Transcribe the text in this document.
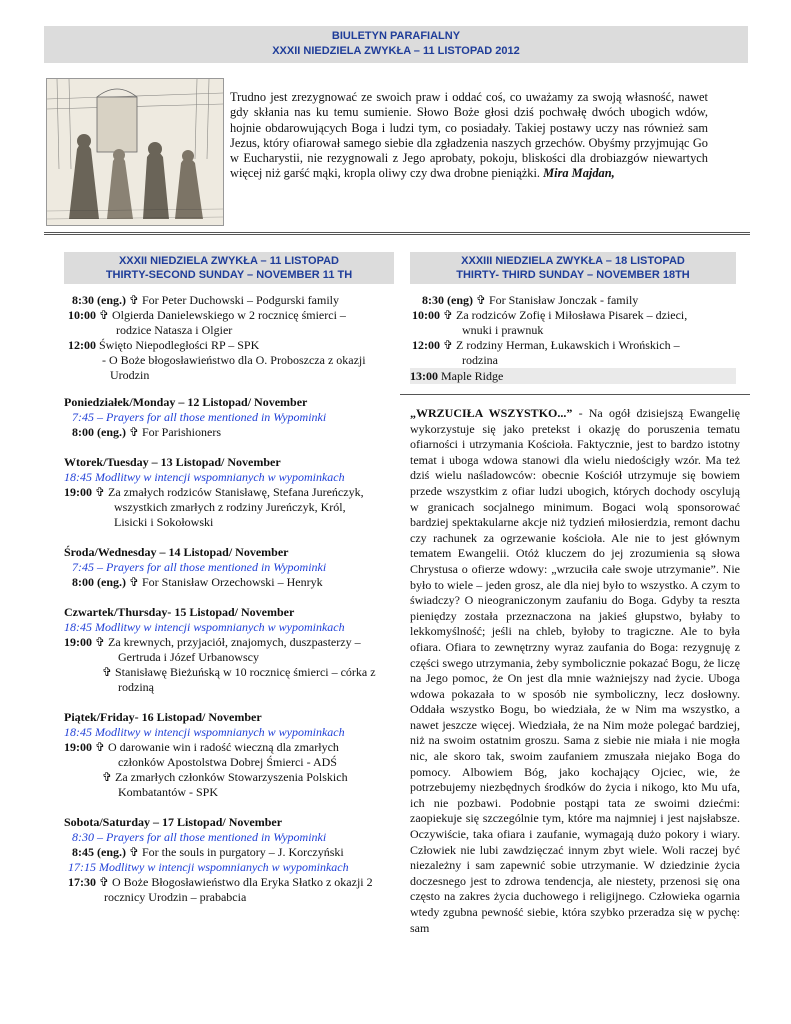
BIULETYN PARAFIALNY
XXXII NIEDZIELA ZWYKŁA – 11 LISTOPAD 2012
Trudno jest zrezygnować ze swoich praw i oddać coś, co uważamy za swoją własność, nawet gdy skłania nas ku temu sumienie. Słowo Boże głosi dziś pochwałę dwóch ubogich wdów, hojnie obdarowujących Boga i ludzi tym, co posiadały. Takiej postawy uczy nas również sam Jezus, który ofiarował samego siebie dla zgładzenia naszych grzechów. Obyśmy przyjmując Go w Eucharystii, nie rezygnowali z Jego aprobaty, pokoju, bliskości dla drobiazgów niewartych więcej niż garść mąki, kropla oliwy czy dwa drobne pieniążki. Mira Majdan,
XXXII NIEDZIELA ZWYKŁA – 11 LISTOPAD
THIRTY-SECOND SUNDAY – NOVEMBER 11 TH
XXXIII NIEDZIELA ZWYKŁA – 18 LISTOPAD
THIRTY- THIRD SUNDAY – NOVEMBER 18TH

8:30 (eng.) ✞ For Peter Duchowski – Podgurski family

10:00 ✞ Olgierda Danielewskiego w 2 rocznicę śmierci –

rodzice Natasza i Olgier

12:00 Święto Niepodległości RP – SPK

- O Boże błogosławieństwo dla O. Proboszcza z okazji

Urodzin

Poniedziałek/Monday – 12 Listopad/ November

7:45 – Prayers for all those mentioned in Wypominki

8:00 (eng.) ✞ For Parishioners

Wtorek/Tuesday – 13 Listopad/ November

18:45 Modlitwy w intencji wspomnianych w wypominkach

19:00 ✞ Za zmałych rodziców Stanisławę, Stefana Jureńczyk,

wszystkich zmarłych z rodziny Jureńczyk, Król,

Lisicki i Sokołowski

Środa/Wednesday – 14 Listopad/ November

7:45 – Prayers for all those mentioned in Wypominki

8:00 (eng.) ✞ For Stanisław Orzechowski – Henryk

Czwartek/Thursday- 15 Listopad/ November

18:45 Modlitwy w intencji wspomnianych w wypominkach

19:00 ✞ Za krewnych, przyjaciół, znajomych, duszpasterzy –

Gertruda i Józef Urbanowscy

✞ Stanisławę Bieżuńską w 10 rocznicę śmierci – córka z

rodziną

Piątek/Friday- 16 Listopad/ November

18:45 Modlitwy w intencji wspomnianych w wypominkach

19:00 ✞ O darowanie win i radość wieczną dla zmarłych

członków Apostolstwa Dobrej Śmierci - ADŚ

✞ Za zmarłych członków Stowarzyszenia Polskich

Kombatantów - SPK

Sobota/Saturday – 17 Listopad/ November

8:30 – Prayers for all those mentioned in Wypominki

8:45 (eng.) ✞ For the souls in purgatory – J. Korczyński

17:15 Modlitwy w intencji wspomnianych w wypominkach

17:30 ✞ O Boże Błogosławieństwo dla Eryka Słatko z okazji 2

rocznicy Urodzin – prababcia

8:30 (eng) ✞ For Stanisław Jonczak - family

10:00 ✞ Za rodziców Zofię i Miłosława Pisarek – dzieci,

wnuki i prawnuk

12:00 ✞ Z rodziny Herman, Łukawskich i Wrońskich –

rodzina

13:00 Maple Ridge
„WRZUCIŁA WSZYSTKO...” - Na ogół dzisiejszą Ewangelię wykorzystuje się jako pretekst i okazję do poruszenia tematu ofiarności i utrzymania Kościoła. Faktycznie, jest to bardzo istotny temat i uboga wdowa stanowi dla wielu niedościgły wzór. Ma też dziś wielu naśladowców: obecnie Kościół utrzymuje się bowiem przede wszystkim z ofiar ludzi ubogich, których dochody oscylują w granicach socjalnego minimum. Bogaci wolą sponsorować bardziej spektakularne akcje niż tydzień miłosierdzia, remont dachu czy rachunek za ogrzewanie kościoła. Ale nie to jest głównym tematem Ewangelii. Otóż kluczem do jej zrozumienia są słowa Chrystusa o ofierze wdowy: „wrzuciła całe swoje utrzymanie”. Nie było to wiele – jeden grosz, ale dla niej było to wszystko. A czym to świadczy? O nieograniczonym zaufaniu do Boga. Gdyby ta reszta pieniędzy została przeznaczona na jakieś głupstwo, byłaby to lekkomyślność; jeśli na chleb, byłoby to tragiczne. Ale to była ofiara. Ofiara to zewnętrzny wyraz zaufania do Boga: rezygnuję z części swego utrzymania, żeby symbolicznie pokazać Bogu, że liczę na Jego pomoc, że On jest dla mnie ważniejszy nad życie. Uboga wdowa pokazała to w sposób nie symboliczny, lecz dosłowny. Oddała wszystko Bogu, bo wiedziała, że w Nim ma wszystko, a nawet jeszcze więcej. Wiedziała, że na Nim może polegać bardziej, niż na swoim ostatnim groszu. Sama z siebie nie miała i nie mogła nic, ale skoro tak, swoim zaufaniem zmuszała niejako Boga do pomocy. Albowiem Bóg, jako kochający Ojciec, wie, że potrzebujemy niezbędnych środków do życia i nikogo, kto Mu ufa, ich nie pozbawi. Podobnie postąpi tata ze swoimi dziećmi: zaopiekuje się szczególnie tym, które ma najmniej i jest najsłabsze. Oczywiście, taka ofiara i zaufanie, wymagają dużo pokory i wiary. Człowiek nie lubi zawdzięczać innym zbyt wiele. Woli raczej być niezależny i sam zapewnić sobie utrzymanie. W dziedzinie życia doczesnego jest to zdrowa tendencja, ale niestety, przenosi się ona często na zakres życia duchowego i religijnego. Człowieka ogarnia wtedy zgubna pewność siebie, która szybko przeradza się w pychę: sam
